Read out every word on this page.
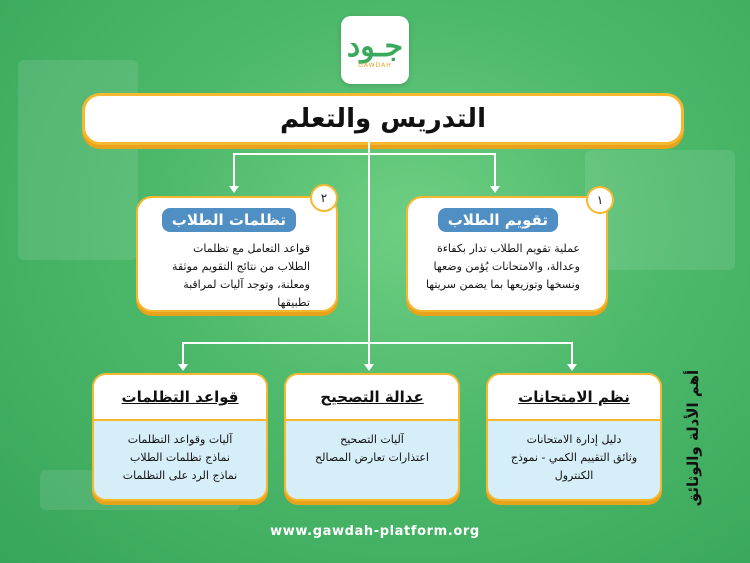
جـود
GAWDAH
التدريس والتعلم
٢
تظلمات الطلاب
قواعد التعامل مع تظلمات الطلاب من نتائج التقويم موثقة ومعلنة، وتوجد آليات لمراقبة تطبيقها
١
تقويم الطلاب
عملية تقويم الطلاب تدار بكفاءة وعدالة، والامتحانات يُؤمن وضعها ونسخها وتوزيعها بما يضمن سريتها
نظم الامتحانات
دليل إدارة الامتحانات
وثائق التقييم الكمي - نموذج الكنترول
عدالة التصحيح
آليات التصحيح
اعتذارات تعارض المصالح
قواعد التظلمات
آليات وقواعد التظلمات
نماذج تظلمات الطلاب
نماذج الرد على التظلمات	أهم الأدلة والوثائق
www.gawdah-platform.org
